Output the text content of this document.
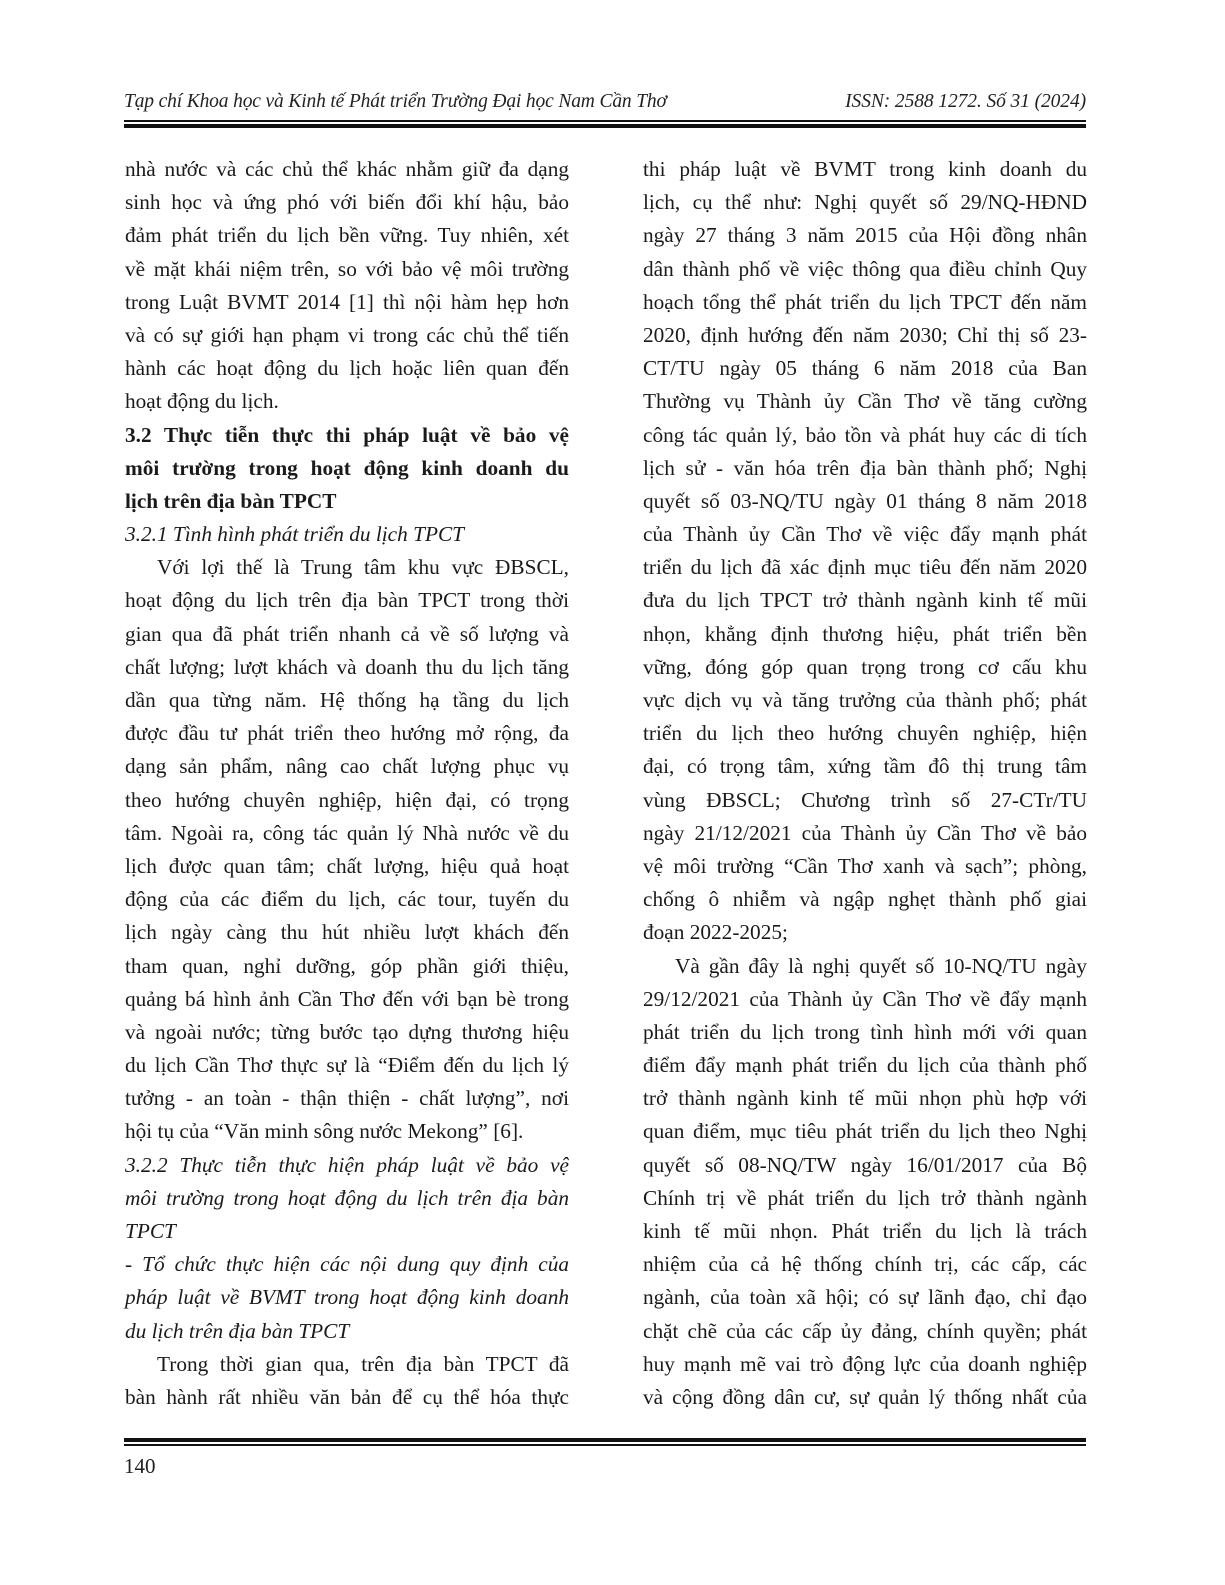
Tạp chí Khoa học và Kinh tế Phát triển Trường Đại học Nam Cần Thơ	ISSN: 2588 1272. Số 31 (2024)
nhà nước và các chủ thể khác nhằm giữ đa dạng
sinh học và ứng phó với biến đổi khí hậu, bảo
đảm phát triển du lịch bền vững. Tuy nhiên, xét
về mặt khái niệm trên, so với bảo vệ môi trường
trong Luật BVMT 2014 [1] thì nội hàm hẹp hơn
và có sự giới hạn phạm vi trong các chủ thể tiến
hành các hoạt động du lịch hoặc liên quan đến
hoạt động du lịch.
3.2 Thực tiễn thực thi pháp luật về bảo vệ
môi trường trong hoạt động kinh doanh du
lịch trên địa bàn TPCT
3.2.1 Tình hình phát triển du lịch TPCT
Với lợi thế là Trung tâm khu vực ĐBSCL,
hoạt động du lịch trên địa bàn TPCT trong thời
gian qua đã phát triển nhanh cả về số lượng và
chất lượng; lượt khách và doanh thu du lịch tăng
dần qua từng năm. Hệ thống hạ tầng du lịch
được đầu tư phát triển theo hướng mở rộng, đa
dạng sản phẩm, nâng cao chất lượng phục vụ
theo hướng chuyên nghiệp, hiện đại, có trọng
tâm. Ngoài ra, công tác quản lý Nhà nước về du
lịch được quan tâm; chất lượng, hiệu quả hoạt
động của các điểm du lịch, các tour, tuyến du
lịch ngày càng thu hút nhiều lượt khách đến
tham quan, nghỉ dưỡng, góp phần giới thiệu,
quảng bá hình ảnh Cần Thơ đến với bạn bè trong
và ngoài nước; từng bước tạo dựng thương hiệu
du lịch Cần Thơ thực sự là “Điểm đến du lịch lý
tưởng - an toàn - thận thiện - chất lượng”, nơi
hội tụ của “Văn minh sông nước Mekong” [6].
3.2.2 Thực tiễn thực hiện pháp luật về bảo vệ
môi trường trong hoạt động du lịch trên địa bàn
TPCT
- Tổ chức thực hiện các nội dung quy định của
pháp luật về BVMT trong hoạt động kinh doanh
du lịch trên địa bàn TPCT
Trong thời gian qua, trên địa bàn TPCT đã
bàn hành rất nhiều văn bản để cụ thể hóa thực
thi pháp luật về BVMT trong kinh doanh du
lịch, cụ thể như: Nghị quyết số 29/NQ-HĐND
ngày 27 tháng 3 năm 2015 của Hội đồng nhân
dân thành phố về việc thông qua điều chỉnh Quy
hoạch tổng thể phát triển du lịch TPCT đến năm
2020, định hướng đến năm 2030; Chỉ thị số 23-
CT/TU ngày 05 tháng 6 năm 2018 của Ban
Thường vụ Thành ủy Cần Thơ về tăng cường
công tác quản lý, bảo tồn và phát huy các di tích
lịch sử - văn hóa trên địa bàn thành phố; Nghị
quyết số 03-NQ/TU ngày 01 tháng 8 năm 2018
của Thành ủy Cần Thơ về việc đẩy mạnh phát
triển du lịch đã xác định mục tiêu đến năm 2020
đưa du lịch TPCT trở thành ngành kinh tế mũi
nhọn, khẳng định thương hiệu, phát triển bền
vững, đóng góp quan trọng trong cơ cấu khu
vực dịch vụ và tăng trưởng của thành phố; phát
triển du lịch theo hướng chuyên nghiệp, hiện
đại, có trọng tâm, xứng tầm đô thị trung tâm
vùng ĐBSCL; Chương trình số 27-CTr/TU
ngày 21/12/2021 của Thành ủy Cần Thơ về bảo
vệ môi trường “Cần Thơ xanh và sạch”; phòng,
chống ô nhiễm và ngập nghẹt thành phố giai
đoạn 2022-2025;
Và gần đây là nghị quyết số 10-NQ/TU ngày
29/12/2021 của Thành ủy Cần Thơ về đẩy mạnh
phát triển du lịch trong tình hình mới với quan
điểm đẩy mạnh phát triển du lịch của thành phố
trở thành ngành kinh tế mũi nhọn phù hợp với
quan điểm, mục tiêu phát triển du lịch theo Nghị
quyết số 08-NQ/TW ngày 16/01/2017 của Bộ
Chính trị về phát triển du lịch trở thành ngành
kinh tế mũi nhọn. Phát triển du lịch là trách
nhiệm của cả hệ thống chính trị, các cấp, các
ngành, của toàn xã hội; có sự lãnh đạo, chỉ đạo
chặt chẽ của các cấp ủy đảng, chính quyền; phát
huy mạnh mẽ vai trò động lực của doanh nghiệp
và cộng đồng dân cư, sự quản lý thống nhất của
140
